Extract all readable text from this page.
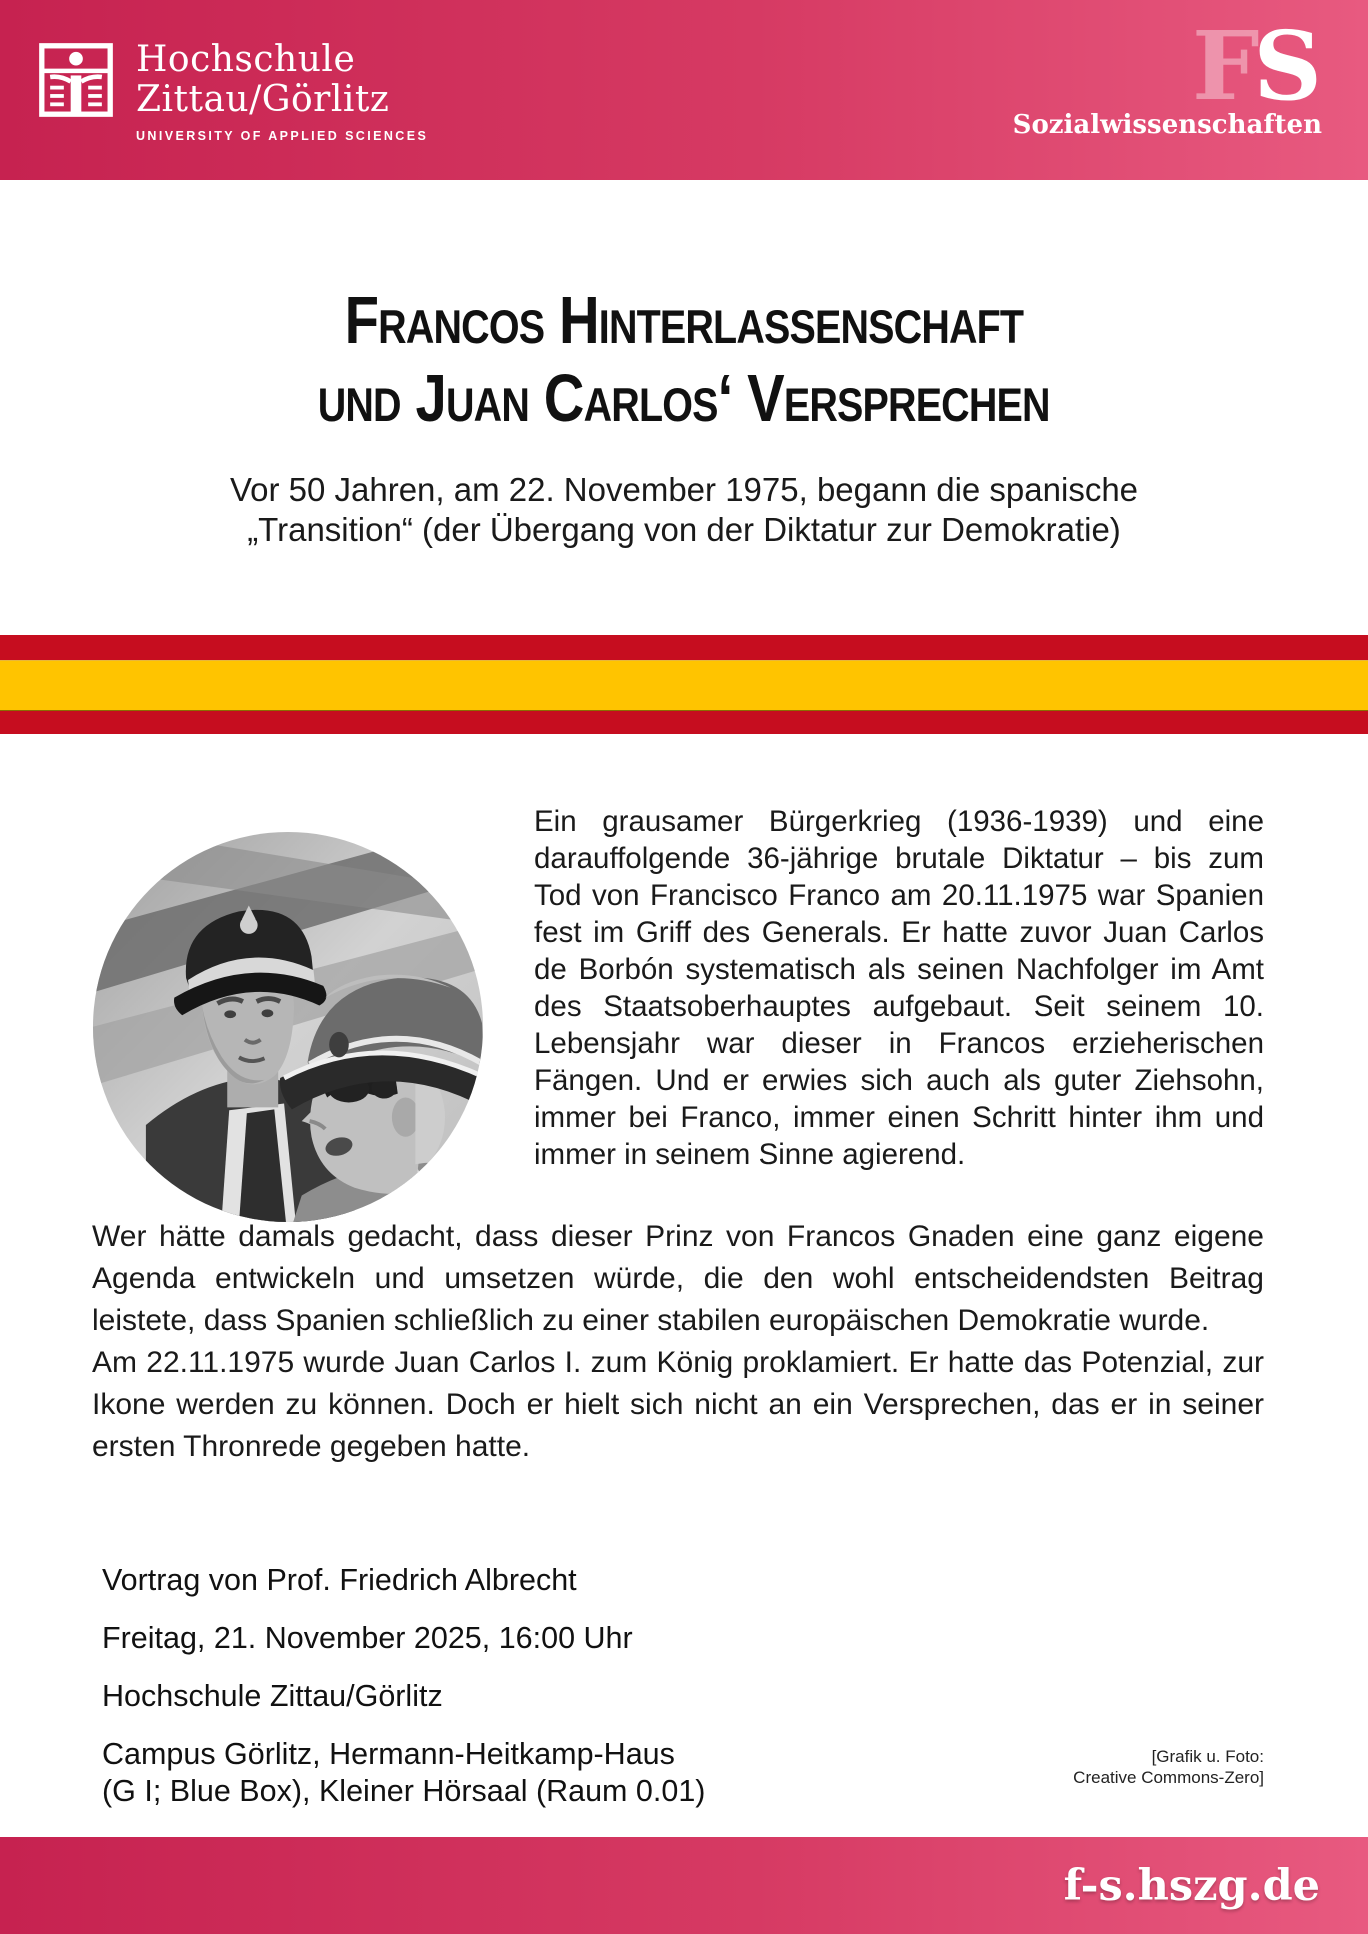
Hochschule
Zittau/Görlitz
UNIVERSITY OF APPLIED SCIENCES
FS
Sozialwissenschaften
Francos Hinterlassenschaft
und Juan Carlos‘ Versprechen
Vor 50 Jahren, am 22. November 1975, begann die spanische
„Transition“ (der Übergang von der Diktatur zur Demokratie)
Ein grausamer Bürgerkrieg (1936-1939) und eine darauffolgende 36-jährige brutale Diktatur – bis zum Tod von Francisco Franco am 20.11.1975 war Spanien fest im Griff des Generals. Er hatte zuvor Juan Carlos de Borbón systematisch als seinen Nachfolger im Amt des Staatsoberhauptes aufgebaut. Seit seinem 10. Lebensjahr war dieser in Francos erzieherischen Fängen. Und er erwies sich auch als guter Ziehsohn, immer bei Franco, immer einen Schritt hinter ihm und immer in seinem Sinne agierend.

Wer hätte damals gedacht, dass dieser Prinz von Francos Gnaden eine ganz eigene Agenda entwickeln und umsetzen würde, die den wohl entscheidendsten Beitrag leistete, dass Spanien schließlich zu einer stabilen europäischen Demokratie wurde.

Am 22.11.1975 wurde Juan Carlos I. zum König proklamiert. Er hatte das Potenzial, zur Ikone werden zu können. Doch er hielt sich nicht an ein Versprechen, das er in seiner ersten Thronrede gegeben hatte.

Vortrag von Prof. Friedrich Albrecht
Freitag, 21. November 2025, 16:00 Uhr
Hochschule Zittau/Görlitz
Campus Görlitz, Hermann-Heitkamp-Haus
(G I; Blue Box), Kleiner Hörsaal (Raum 0.01)
[Grafik u. Foto:
Creative Commons-Zero]
f-s.hszg.de
